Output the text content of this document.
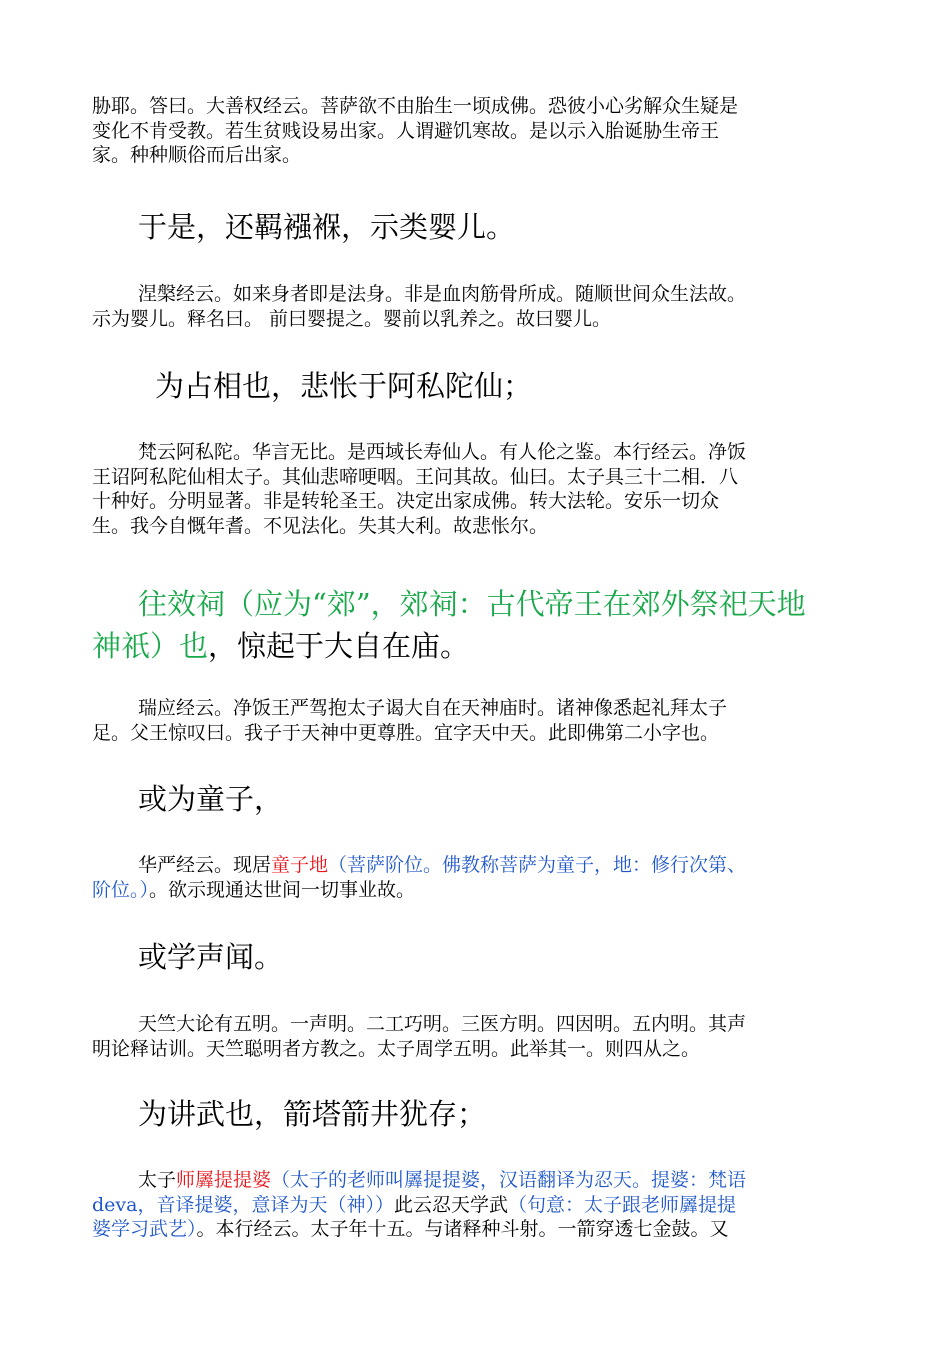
胁耶。答曰。大善权经云。菩萨欲不由胎生一顷成佛。恐彼小心劣解众生疑是
变化不肯受教。若生贫贱设易出家。人谓避饥寒故。是以示入胎诞胁生帝王
家。种种顺俗而后出家。
于是，还羁襁褓，示类婴儿。
涅槃经云。如来身者即是法身。非是血肉筋骨所成。随顺世间众生法故。
示为婴儿。释名曰。 前曰婴提之。婴前以乳养之。故曰婴儿。
为占相也，悲怅于阿私陀仙；
梵云阿私陀。华言无比。是西域长寿仙人。有人伦之鉴。本行经云。净饭
王诏阿私陀仙相太子。其仙悲啼哽咽。王问其故。仙曰。太子具三十二相．八
十种好。分明显著。非是转轮圣王。决定出家成佛。转大法轮。安乐一切众
生。我今自慨年耆。不见法化。失其大利。故悲怅尔。
往效祠（应为“郊”，郊祠：古代帝王在郊外祭祀天地
神祇）也，惊起于大自在庙。
瑞应经云。净饭王严驾抱太子谒大自在天神庙时。诸神像悉起礼拜太子
足。父王惊叹曰。我子于天神中更尊胜。宜字天中天。此即佛第二小字也。
或为童子，
华严经云。现居童子地（菩萨阶位。佛教称菩萨为童子，地：修行次第、
阶位。）。欲示现通达世间一切事业故。
或学声闻。
天竺大论有五明。一声明。二工巧明。三医方明。四因明。五内明。其声
明论释诂训。天竺聪明者方教之。太子周学五明。此举其一。则四从之。
为讲武也，箭塔箭井犹存；
太子师羼提提婆（太子的老师叫羼提提婆，汉语翻译为忍天。提婆：梵语
deva，音译提婆，意译为天（神））此云忍天学武（句意：太子跟老师羼提提
婆学习武艺）。本行经云。太子年十五。与诸释种斗射。一箭穿透七金鼓。又
